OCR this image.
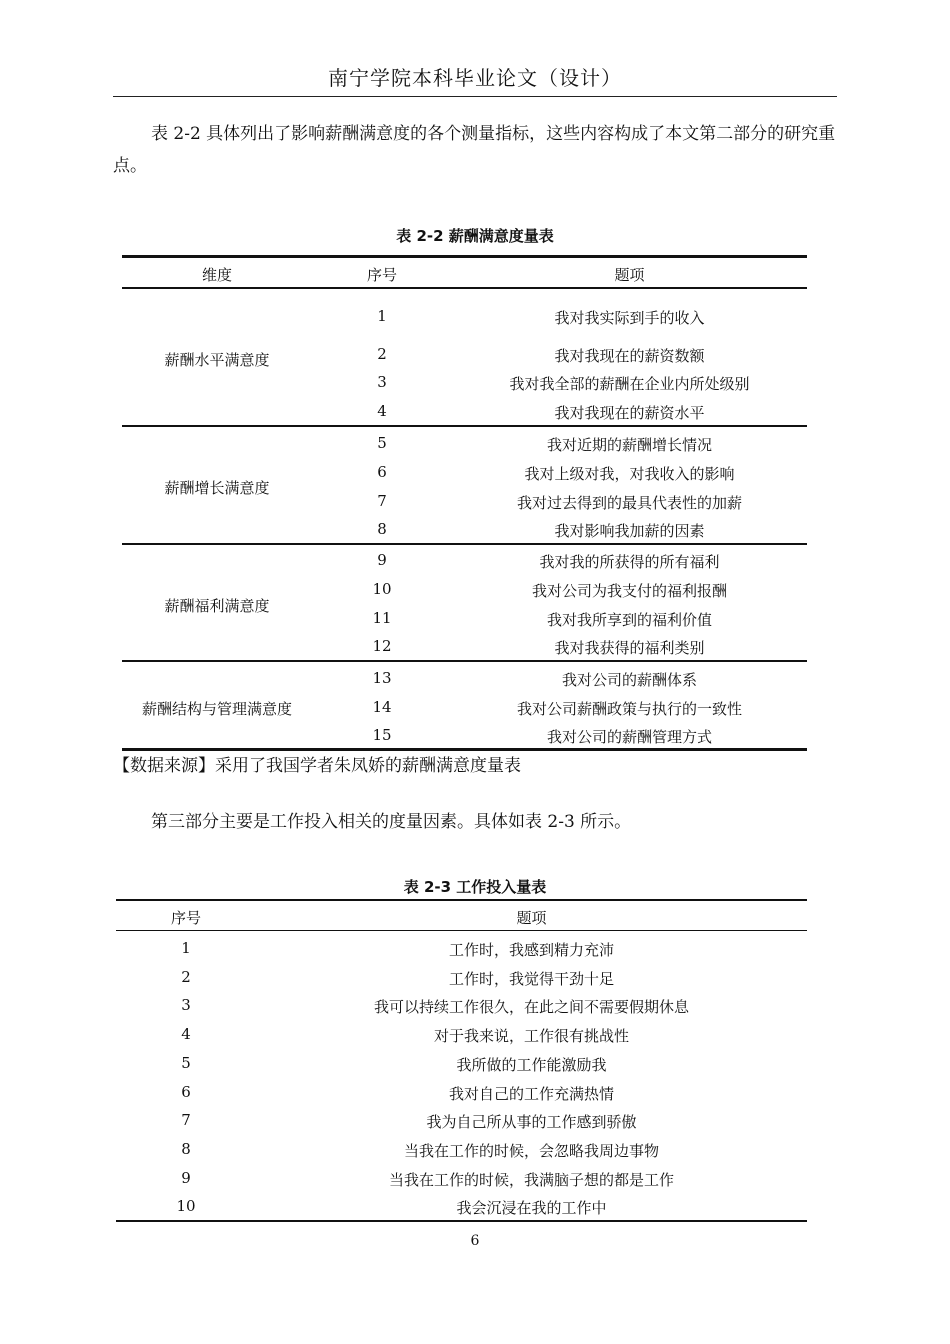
南宁学院本科毕业论文（设计）
表 2-2 具体列出了影响薪酬满意度的各个测量指标，这些内容构成了本文第二部分的研究重点。
表 2-2 薪酬满意度量表
维度	序号	题项
薪酬水平满意度
1	我对我实际到手的收入
2	我对我现在的薪资数额
3	我对我全部的薪酬在企业内所处级别
4	我对我现在的薪资水平
薪酬增长满意度
5	我对近期的薪酬增长情况
6	我对上级对我，对我收入的影响
7	我对过去得到的最具代表性的加薪
8	我对影响我加薪的因素
薪酬福利满意度
9	我对我的所获得的所有福利
10	我对公司为我支付的福利报酬
11	我对我所享到的福利价值
12	我对我获得的福利类别
薪酬结构与管理满意度
13	我对公司的薪酬体系
14	我对公司薪酬政策与执行的一致性
15	我对公司的薪酬管理方式
【数据来源】采用了我国学者朱凤娇的薪酬满意度量表
第三部分主要是工作投入相关的度量因素。具体如表 2-3 所示。
表 2-3 工作投入量表
序号	题项
1	工作时，我感到精力充沛
2	工作时，我觉得干劲十足
3	我可以持续工作很久，在此之间不需要假期休息
4	对于我来说，工作很有挑战性
5	我所做的工作能激励我
6	我对自己的工作充满热情
7	我为自己所从事的工作感到骄傲
8	当我在工作的时候，会忽略我周边事物
9	当我在工作的时候，我满脑子想的都是工作
10	我会沉浸在我的工作中
6
